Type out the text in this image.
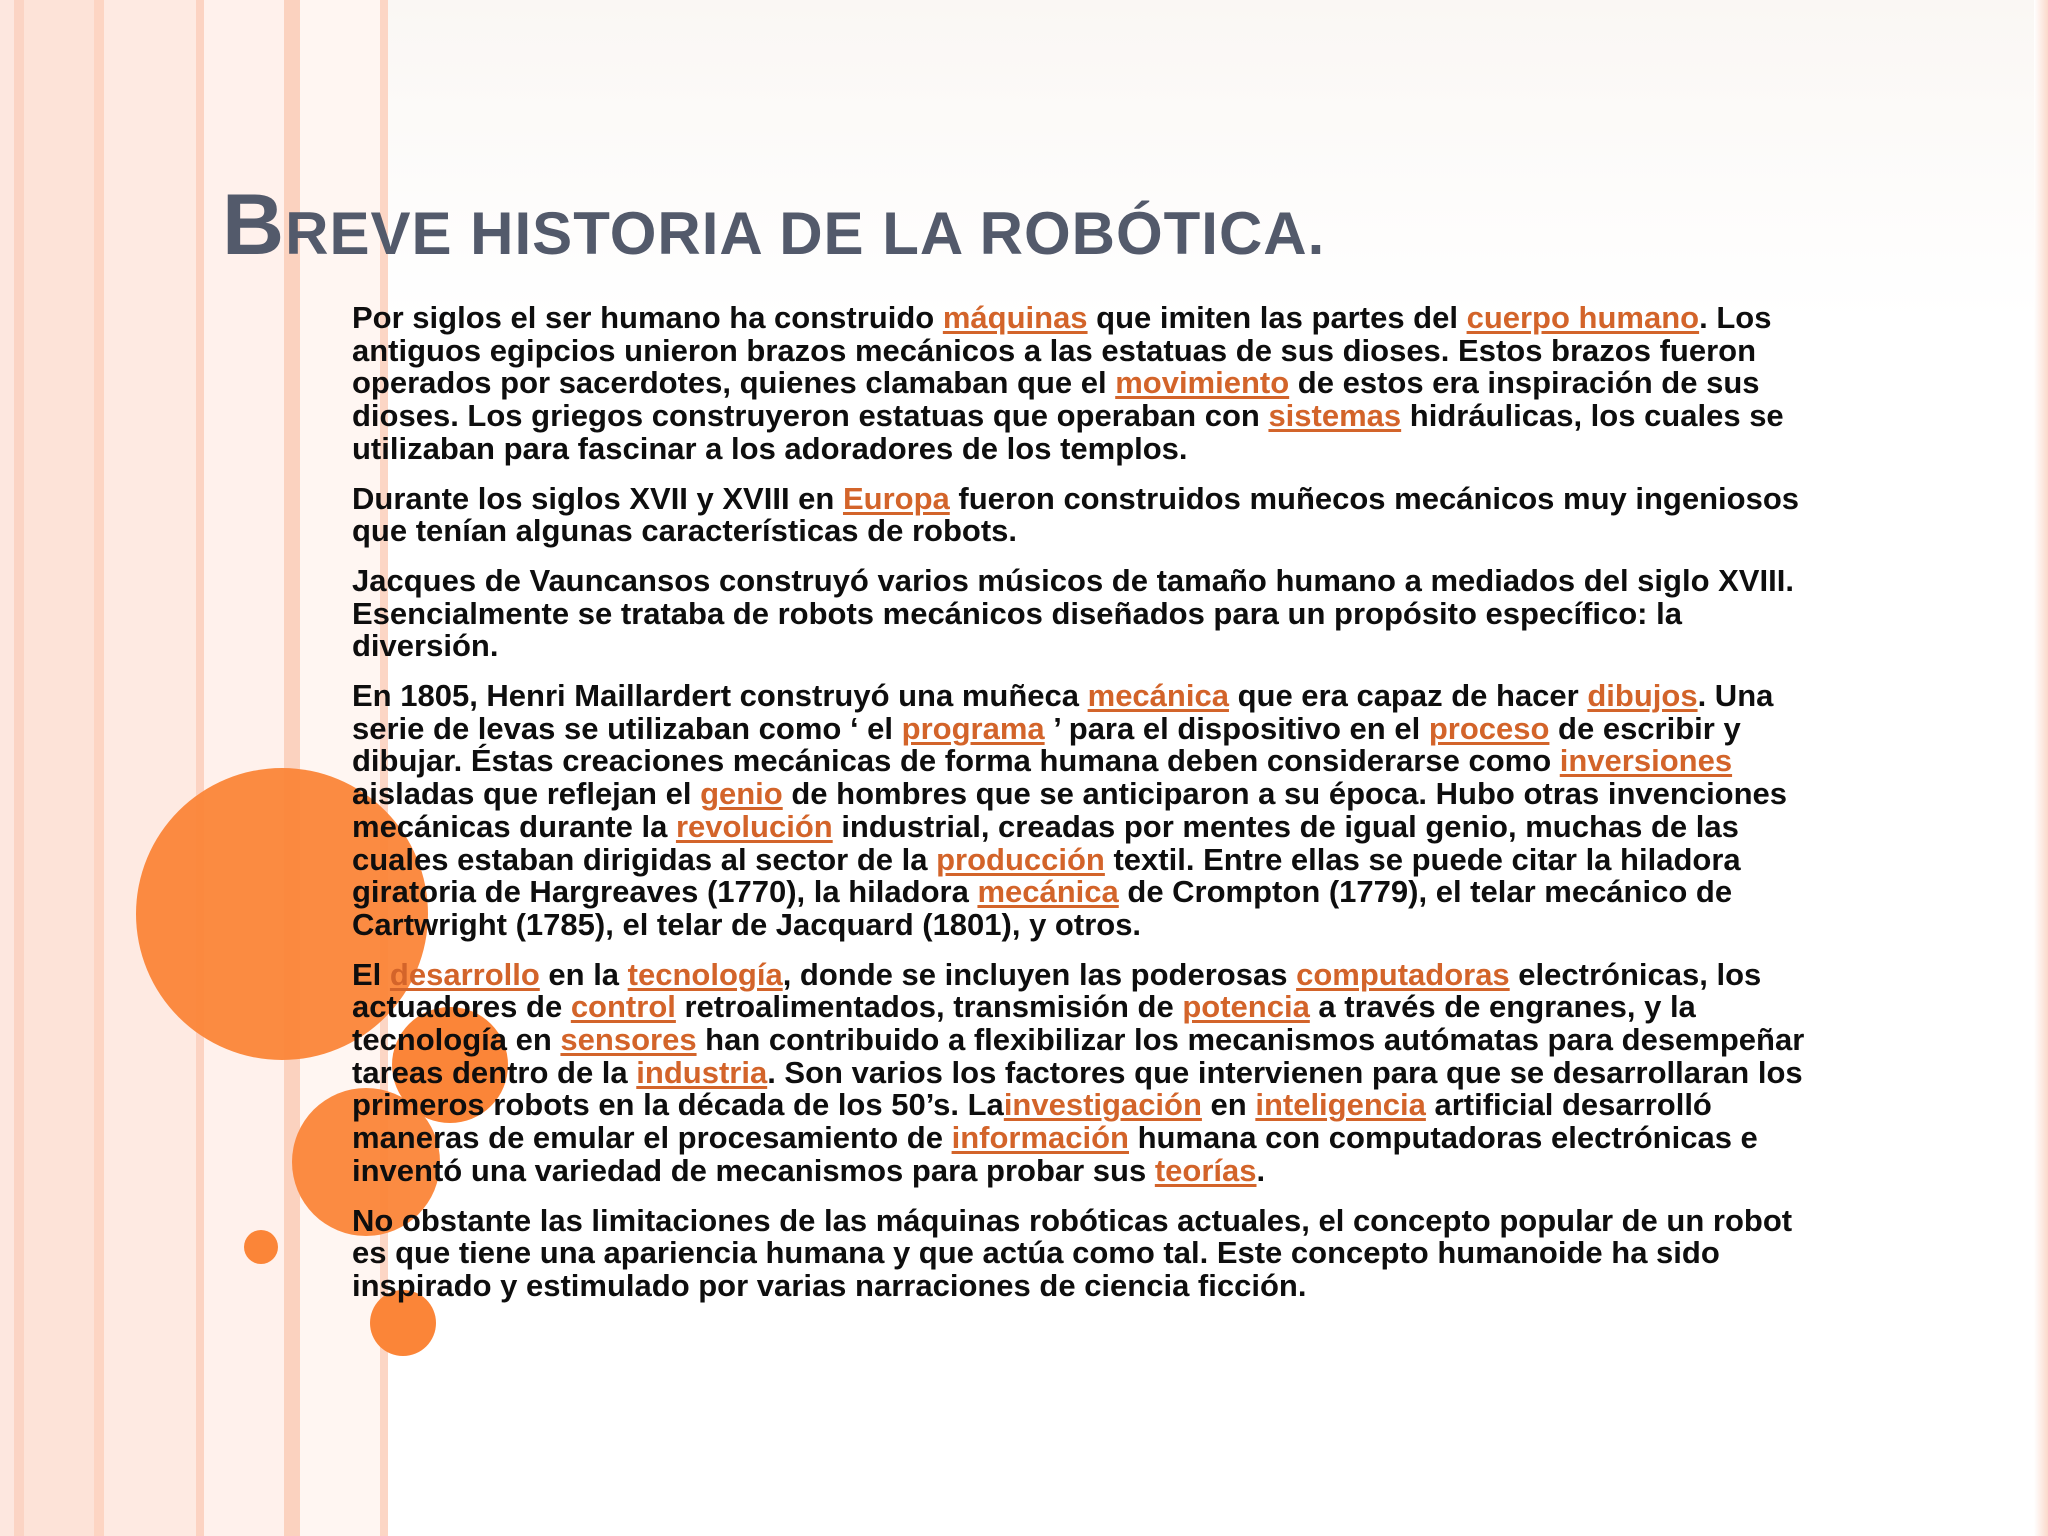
BREVE HISTORIA DE LA ROBÓTICA.

Por siglos el ser humano ha construido máquinas que imiten las partes del cuerpo humano. Los antiguos egipcios unieron brazos mecánicos a las estatuas de sus dioses. Estos brazos fueron operados por sacerdotes, quienes clamaban que el movimiento de estos era inspiración de sus dioses. Los griegos construyeron estatuas que operaban con sistemas hidráulicas, los cuales se utilizaban para fascinar a los adoradores de los templos.

Durante los siglos XVII y XVIII en Europa fueron construidos muñecos mecánicos muy ingeniosos que tenían algunas características de robots.

Jacques de Vauncansos construyó varios músicos de tamaño humano a mediados del siglo XVIII. Esencialmente se trataba de robots mecánicos diseñados para un propósito específico: la diversión.

En 1805, Henri Maillardert construyó una muñeca mecánica que era capaz de hacer dibujos. Una serie de levas se utilizaban como ‘ el programa ’ para el dispositivo en el proceso de escribir y dibujar. Éstas creaciones mecánicas de forma humana deben considerarse como inversiones aisladas que reflejan el genio de hombres que se anticiparon a su época. Hubo otras invenciones mecánicas durante la revolución industrial, creadas por mentes de igual genio, muchas de las cuales estaban dirigidas al sector de la producción textil. Entre ellas se puede citar la hiladora giratoria de Hargreaves (1770), la hiladora mecánica de Crompton (1779), el telar mecánico de Cartwright (1785), el telar de Jacquard (1801), y otros.

El desarrollo en la tecnología, donde se incluyen las poderosas computadoras electrónicas, los actuadores de control retroalimentados, transmisión de potencia a través de engranes, y la tecnología en sensores han contribuido a flexibilizar los mecanismos autómatas para desempeñar tareas dentro de la industria. Son varios los factores que intervienen para que se desarrollaran los primeros robots en la década de los 50’s. Lainvestigación en inteligencia artificial desarrolló maneras de emular el procesamiento de información humana con computadoras electrónicas e inventó una variedad de mecanismos para probar sus teorías.

No obstante las limitaciones de las máquinas robóticas actuales, el concepto popular de un robot es que tiene una apariencia humana y que actúa como tal. Este concepto humanoide ha sido inspirado y estimulado por varias narraciones de ciencia ficción.
